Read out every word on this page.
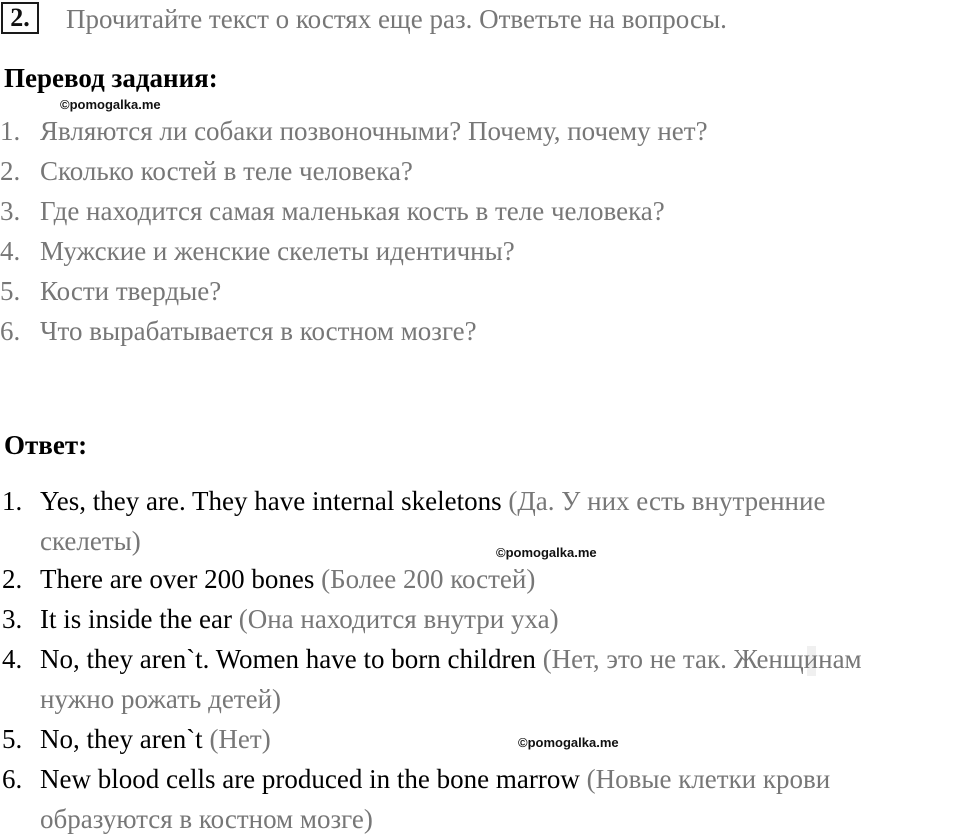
2.	Прочитайте текст о костях еще раз. Ответьте на вопросы.
Перевод задания:
©pomogalka.me
1. Являются ли собаки позвоночными? Почему, почему нет?
2. Сколько костей в теле человека?
3. Где находится самая маленькая кость в теле человека?
4. Мужские и женские скелеты идентичны?
5. Кости твердые?
6. Что вырабатывается в костном мозге?
Ответ:
1. Yes, they are. They have internal skeletons (Да. У них есть внутренние
скелеты)	©pomogalka.me
2. There are over 200 bones (Более 200 костей)
3. It is inside the ear (Она находится внутри уха)
4. No, they aren`t. Women have to born children (Нет, это не так. Женщинам
нужно рожать детей)
5. No, they aren`t (Нет)	©pomogalka.me
6. New blood cells are produced in the bone marrow (Новые клетки крови
образуются в костном мозге)
